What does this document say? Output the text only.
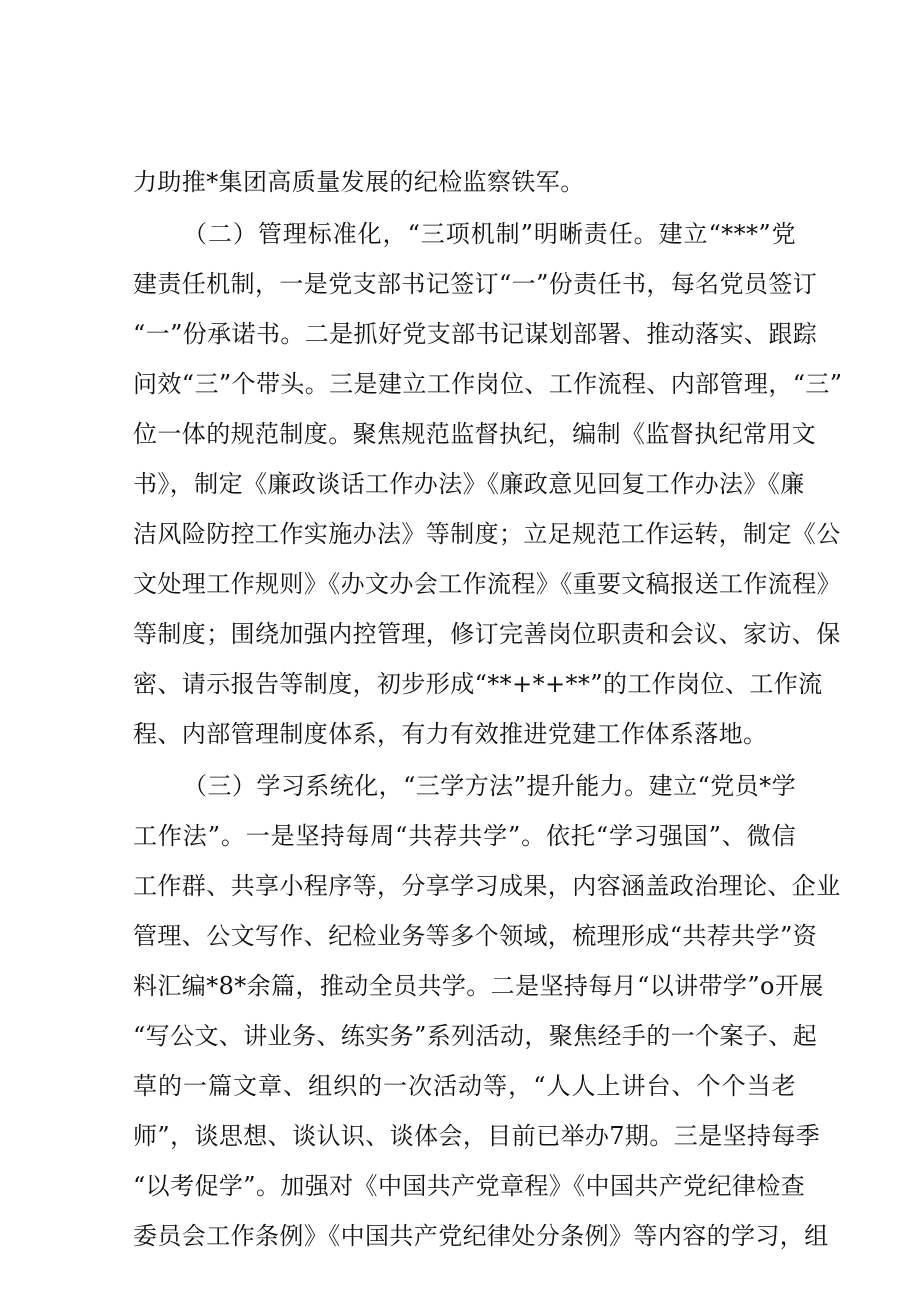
力助推*集团高质量发展的纪检监察铁军。
（二）管理标准化，“三项机制”明晰责任。建立“***”党
建责任机制，一是党支部书记签订“一”份责任书，每名党员签订
“一”份承诺书。二是抓好党支部书记谋划部署、推动落实、跟踪
问效“三”个带头。三是建立工作岗位、工作流程、内部管理，“三”
位一体的规范制度。聚焦规范监督执纪，编制《监督执纪常用文
书》，制定《廉政谈话工作办法》《廉政意见回复工作办法》《廉
洁风险防控工作实施办法》等制度；立足规范工作运转，制定《公
文处理工作规则》《办文办会工作流程》《重要文稿报送工作流程》
等制度；围绕加强内控管理，修订完善岗位职责和会议、家访、保
密、请示报告等制度，初步形成“**+*+**”的工作岗位、工作流
程、内部管理制度体系，有力有效推进党建工作体系落地。
（三）学习系统化，“三学方法”提升能力。建立“党员*学
工作法”。一是坚持每周“共荐共学”。依托“学习强国”、微信
工作群、共享小程序等，分享学习成果，内容涵盖政治理论、企业
管理、公文写作、纪检业务等多个领域，梳理形成“共荐共学”资
料汇编*8*余篇，推动全员共学。二是坚持每月“以讲带学”o开展
“写公文、讲业务、练实务”系列活动，聚焦经手的一个案子、起
草的一篇文章、组织的一次活动等，“人人上讲台、个个当老
师”，谈思想、谈认识、谈体会，目前已举办7期。三是坚持每季
“以考促学”。加强对《中国共产党章程》《中国共产党纪律检查
委员会工作条例》《中国共产党纪律处分条例》等内容的学习，组
